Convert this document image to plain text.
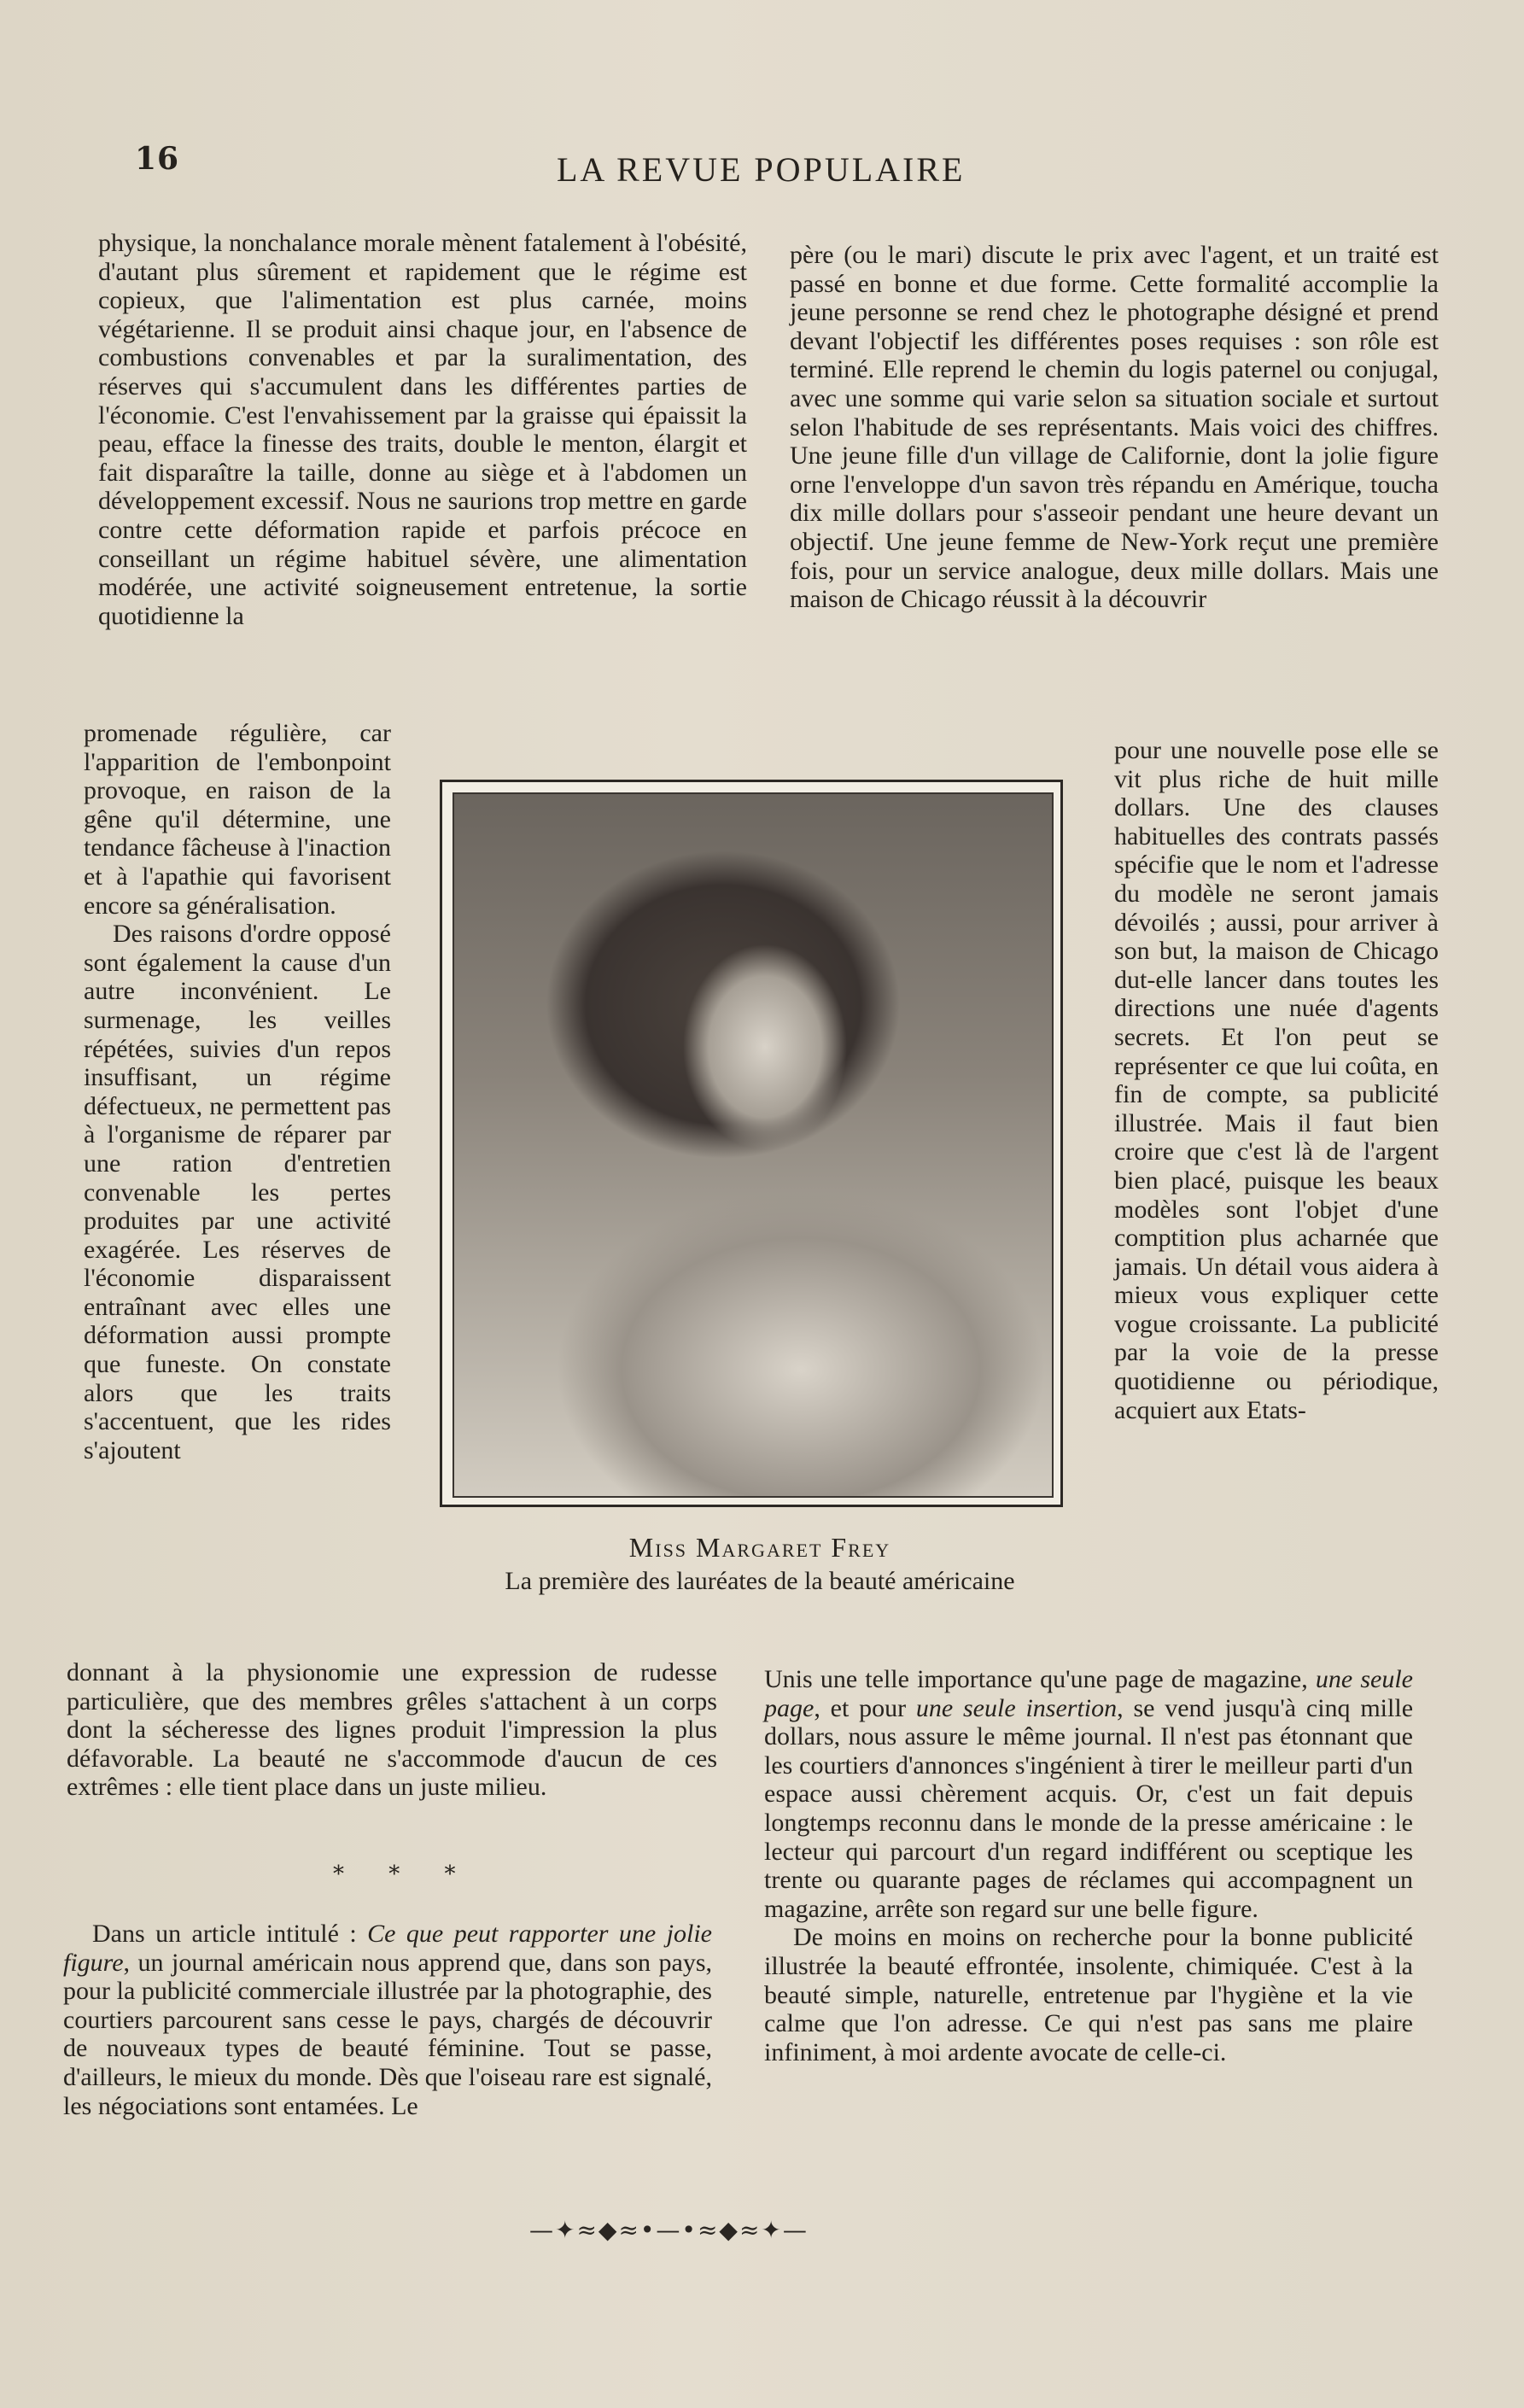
16	LA REVUE POPULAIRE

physique, la nonchalance morale mènent fatalement à l'obésité, d'autant plus sûrement et rapidement que le régime est copieux, que l'alimentation est plus carnée, moins végétarienne. Il se produit ainsi chaque jour, en l'absence de combustions convenables et par la suralimentation, des réserves qui s'accumulent dans les différentes parties de l'économie. C'est l'envahissement par la graisse qui épaissit la peau, efface la finesse des traits, double le menton, élargit et fait disparaître la taille, donne au siège et à l'abdomen un développement excessif. Nous ne saurions trop mettre en garde contre cette déformation rapide et parfois précoce en conseillant un régime habituel sévère, une alimentation modérée, une activité soigneusement entretenue, la sortie quotidienne la

promenade régulière, car l'apparition de l'embonpoint provoque, en raison de la gêne qu'il détermine, une tendance fâcheuse à l'inaction et à l'apathie qui favorisent encore sa généralisation.

Des raisons d'ordre opposé sont également la cause d'un autre inconvénient. Le surmenage, les veilles répétées, suivies d'un repos insuffisant, un régime défectueux, ne permettent pas à l'organisme de réparer par une ration d'entretien convenable les pertes produites par une activité exagérée. Les réserves de l'économie disparaissent entraînant avec elles une déformation aussi prompte que funeste. On constate alors que les traits s'accentuent, que les rides s'ajoutent

Miss Margaret Frey
La première des lauréates de la beauté américaine

donnant à la physionomie une expression de rudesse particulière, que des membres grêles s'attachent à un corps dont la sécheresse des lignes produit l'impression la plus défavorable. La beauté ne s'accommode d'aucun de ces extrêmes : elle tient place dans un juste milieu.

* * *

Dans un article intitulé : Ce que peut rapporter une jolie figure, un journal américain nous apprend que, dans son pays, pour la publicité commerciale illustrée par la photographie, des courtiers parcourent sans cesse le pays, chargés de découvrir de nouveaux types de beauté féminine. Tout se passe, d'ailleurs, le mieux du monde. Dès que l'oiseau rare est signalé, les négociations sont entamées. Le

père (ou le mari) discute le prix avec l'agent, et un traité est passé en bonne et due forme. Cette formalité accomplie la jeune personne se rend chez le photographe désigné et prend devant l'objectif les différentes poses requises : son rôle est terminé. Elle reprend le chemin du logis paternel ou conjugal, avec une somme qui varie selon sa situation sociale et surtout selon l'habitude de ses représentants. Mais voici des chiffres. Une jeune fille d'un village de Californie, dont la jolie figure orne l'enveloppe d'un savon très répandu en Amérique, toucha dix mille dollars pour s'asseoir pendant une heure devant un objectif. Une jeune femme de New-York reçut une première fois, pour un service analogue, deux mille dollars. Mais une maison de Chicago réussit à la découvrir

pour une nouvelle pose elle se vit plus riche de huit mille dollars. Une des clauses habituelles des contrats passés spécifie que le nom et l'adresse du modèle ne seront jamais dévoilés ; aussi, pour arriver à son but, la maison de Chicago dut-elle lancer dans toutes les directions une nuée d'agents secrets. Et l'on peut se représenter ce que lui coûta, en fin de compte, sa publicité illustrée. Mais il faut bien croire que c'est là de l'argent bien placé, puisque les beaux modèles sont l'objet d'une comptition plus acharnée que jamais. Un détail vous aidera à mieux vous expliquer cette vogue croissante. La publicité par la voie de la presse quotidienne ou périodique, acquiert aux Etats-

Unis une telle importance qu'une page de magazine, une seule page, et pour une seule insertion, se vend jusqu'à cinq mille dollars, nous assure le même journal. Il n'est pas étonnant que les courtiers d'annonces s'ingénient à tirer le meilleur parti d'un espace aussi chèrement acquis. Or, c'est un fait depuis longtemps reconnu dans le monde de la presse américaine : le lecteur qui parcourt d'un regard indifférent ou sceptique les trente ou quarante pages de réclames qui accompagnent un magazine, arrête son regard sur une belle figure.

De moins en moins on recherche pour la bonne publicité illustrée la beauté effrontée, insolente, chimiquée. C'est à la beauté simple, naturelle, entretenue par l'hygiène et la vie calme que l'on adresse. Ce qui n'est pas sans me plaire infiniment, à moi ardente avocate de celle-ci.

—✦≈◆≈•—•≈◆≈✦—
